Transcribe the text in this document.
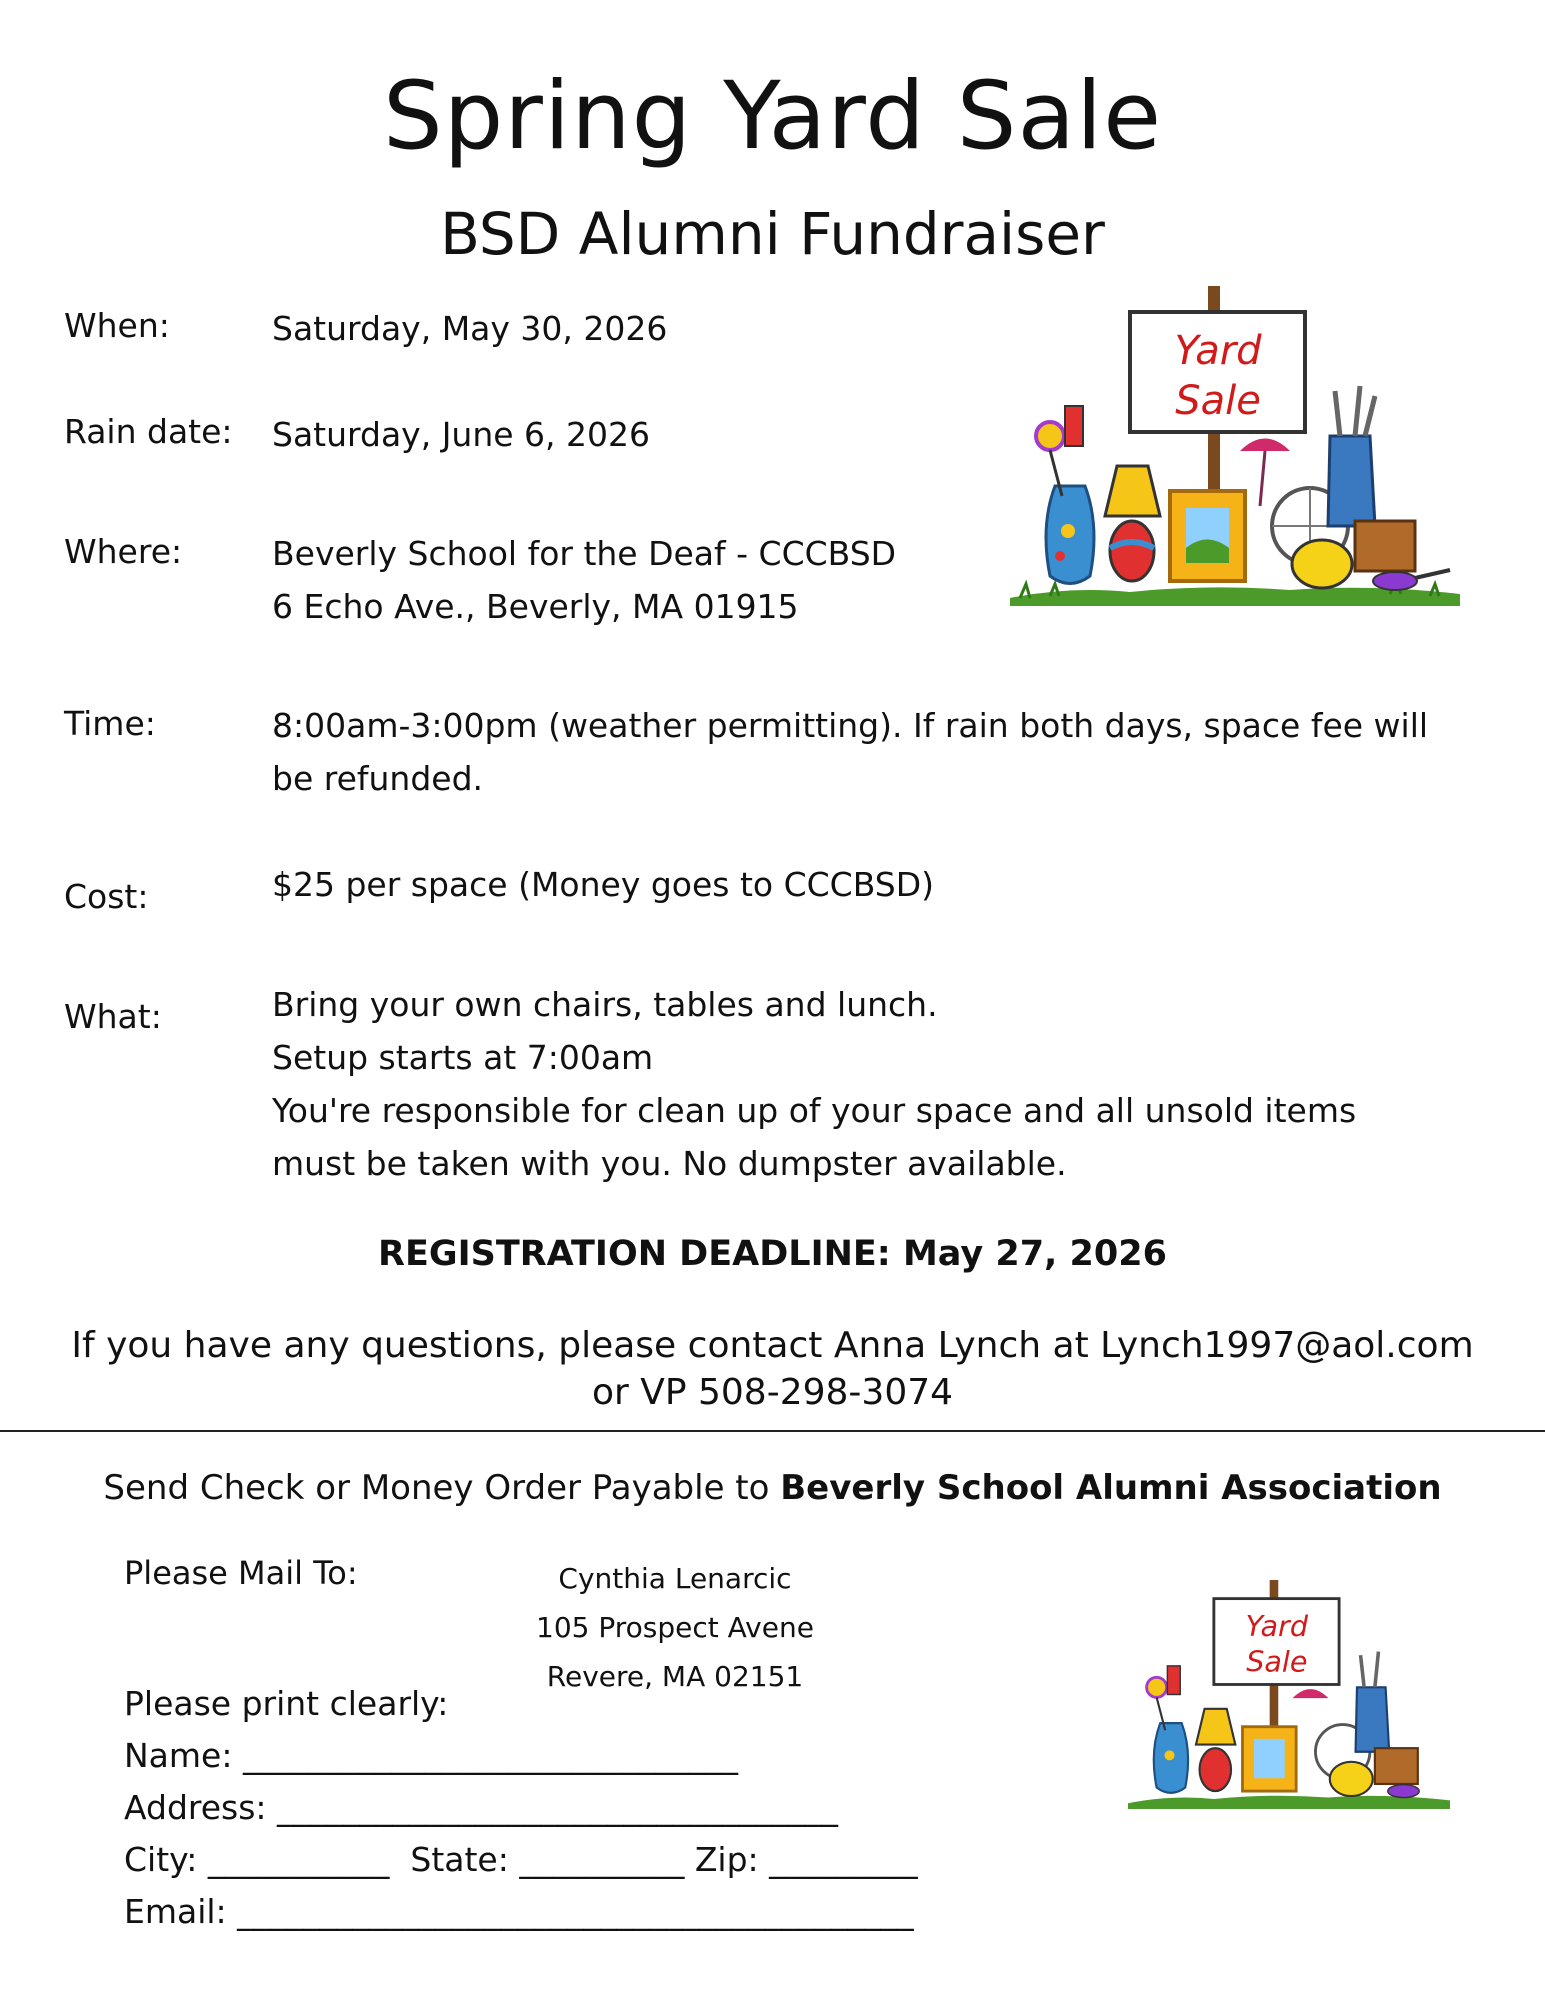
Spring Yard Sale
BSD Alumni Fundraiser
When:	Saturday, May 30, 2026
Rain date: Saturday, June 6, 2026
Where:	Beverly School for the Deaf - CCCBSD
6 Echo Ave., Beverly, MA 01915
Time:	8:00am-3:00pm (weather permitting). If rain both days, space fee will
be refunded.
Cost:	$25 per space (Money goes to CCCBSD)
What:	Bring your own chairs, tables and lunch.
Setup starts at 7:00am
You're responsible for clean up of your space and all unsold items
must be taken with you. No dumpster available.
REGISTRATION DEADLINE: May 27, 2026
If you have any questions, please contact Anna Lynch at Lynch1997@aol.com
or VP 508-298-3074
Send Check or Money Order Payable to Beverly School Alumni Association
Please Mail To:	Cynthia Lenarcic
105 Prospect Avene
Revere, MA 02151
Please print clearly:
Name: ______________________________
Address: __________________________________
City: ___________  State: __________ Zip: _________
Email: _________________________________________
Yard
Sale
Yard
Sale
